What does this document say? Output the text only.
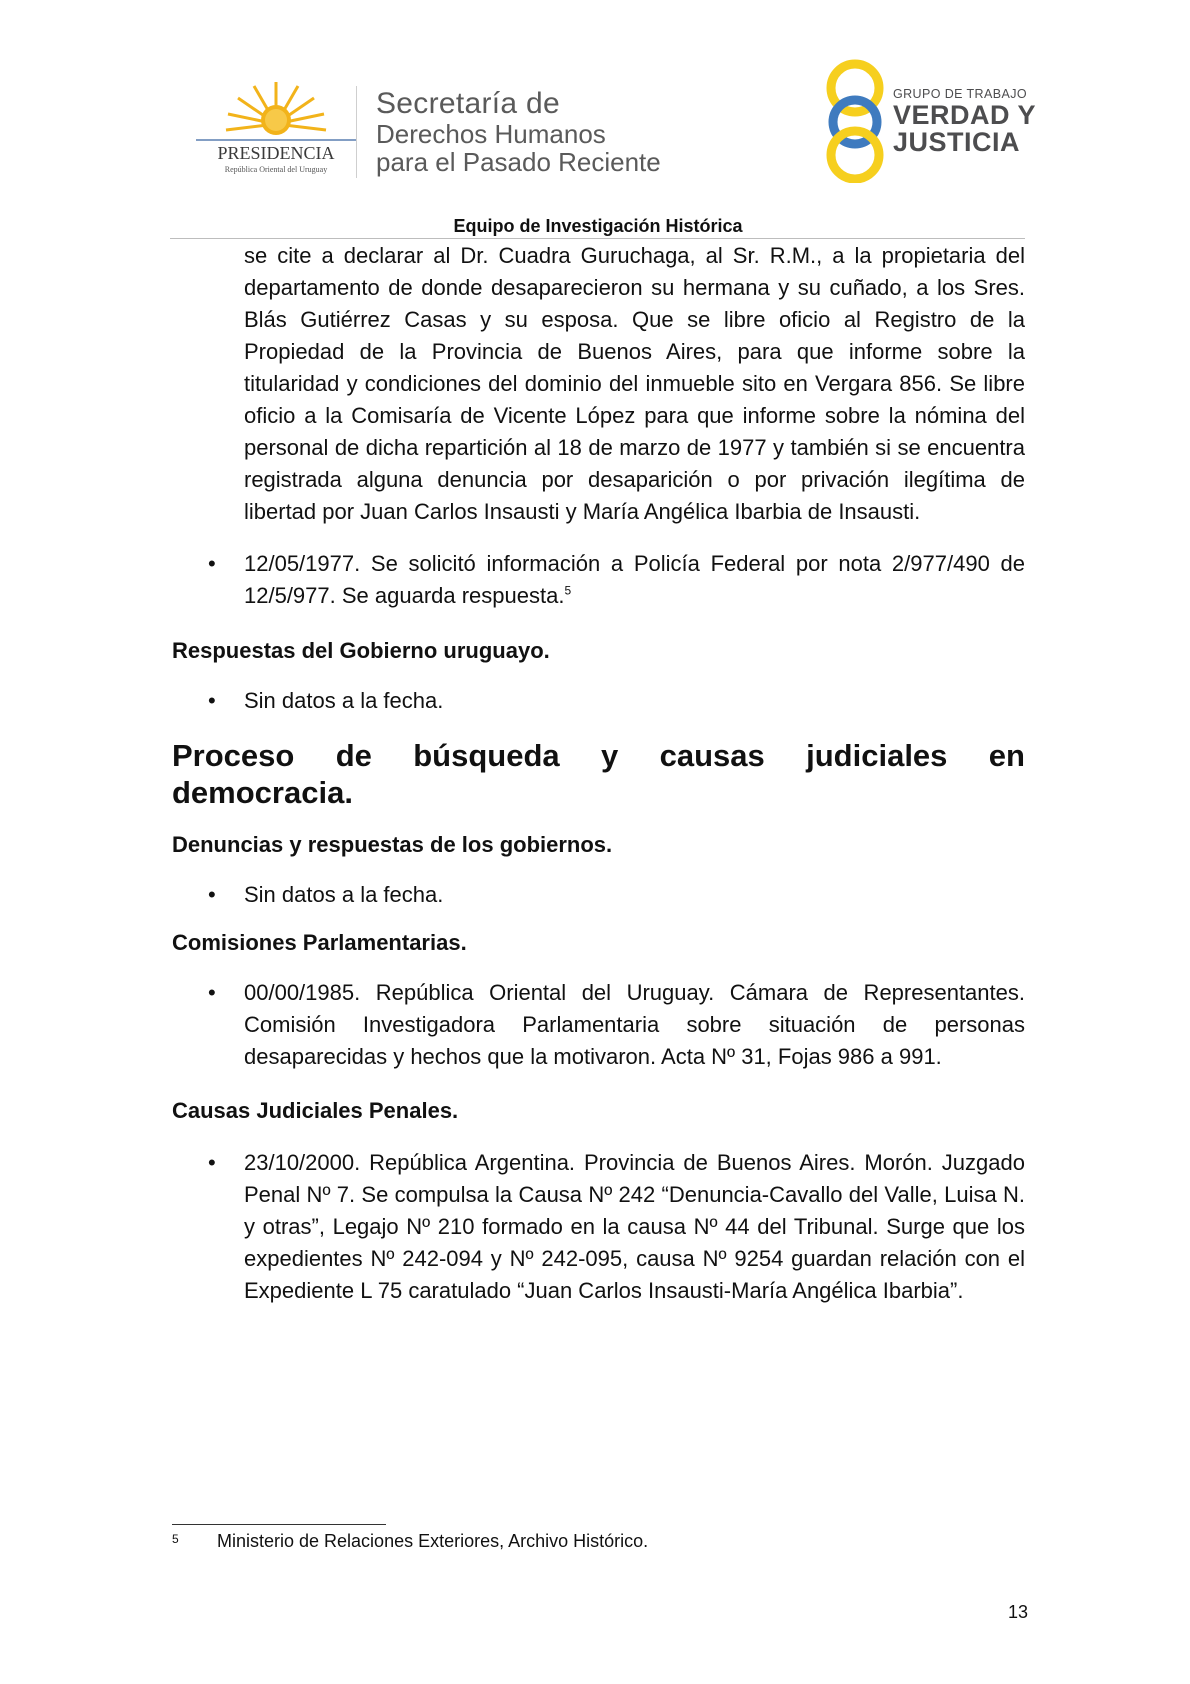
PRESIDENCIA
República Oriental del Uruguay
Secretaría de
Derechos Humanos
para el Pasado Reciente
GRUPO DE TRABAJO
VERDAD Y
JUSTICIA
Equipo de Investigación Histórica

se cite a declarar al Dr. Cuadra Guruchaga, al Sr. R.M., a la propietaria del departamento de donde desaparecieron su hermana y su cuñado, a los Sres. Blás Gutiérrez Casas y su esposa. Que se libre oficio al Registro de la Propiedad de la Provincia de Buenos Aires, para que informe sobre la titularidad y condiciones del dominio del inmueble sito en Vergara 856. Se libre oficio a la Comisaría de Vicente López para que informe sobre la nómina del personal de dicha repartición al 18 de marzo de 1977 y también si se encuentra registrada alguna denuncia por desaparición o por privación ilegítima de libertad por Juan Carlos Insausti y María Angélica Ibarbia de Insausti.

• 12/05/1977. Se solicitó información a Policía Federal por nota 2/977/490 de 12/5/977. Se aguarda respuesta.$^5$

Respuestas del Gobierno uruguayo.

• Sin datos a la fecha.

Proceso de búsqueda y causas judiciales en
democracia.

Denuncias y respuestas de los gobiernos.

• Sin datos a la fecha.

Comisiones Parlamentarias.

• 00/00/1985. República Oriental del Uruguay. Cámara de Representantes. Comisión Investigadora Parlamentaria sobre situación de personas desaparecidas y hechos que la motivaron. Acta Nº 31, Fojas 986 a 991.

Causas Judiciales Penales.

• 23/10/2000. República Argentina. Provincia de Buenos Aires. Morón. Juzgado Penal Nº 7. Se compulsa la Causa Nº 242 “Denuncia-Cavallo del Valle, Luisa N. y otras”, Legajo Nº 210 formado en la causa Nº 44 del Tribunal. Surge que los expedientes Nº 242-094 y Nº 242-095, causa Nº 9254 guardan relación con el Expediente L 75 caratulado “Juan Carlos Insausti-María Angélica Ibarbia”.

5 Ministerio de Relaciones Exteriores, Archivo Histórico.
13
